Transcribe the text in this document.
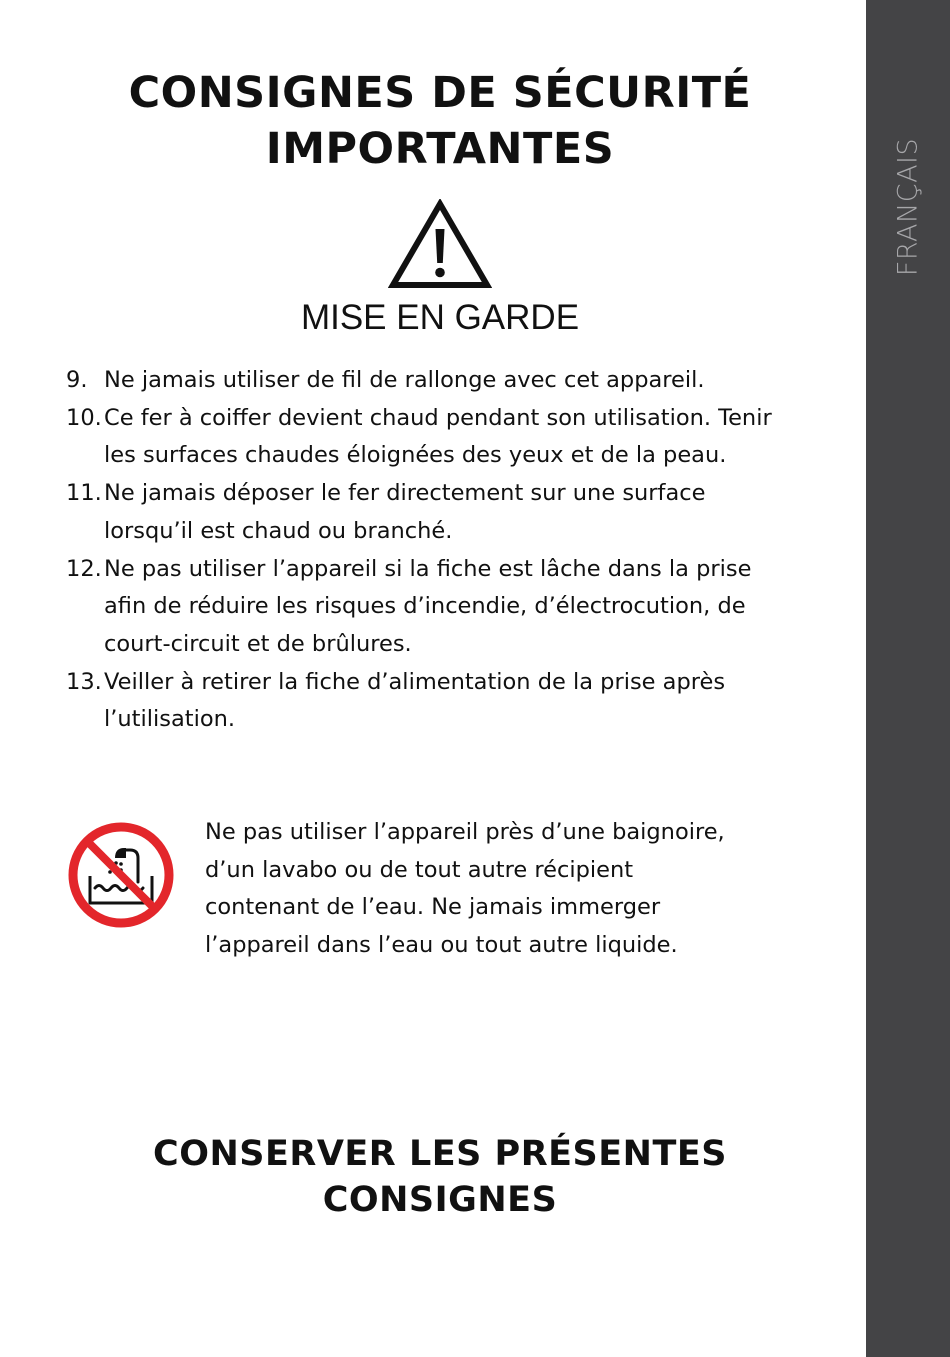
CONSIGNES DE SÉCURITÉ
IMPORTANTES

MISE EN GARDE

9. Ne jamais utiliser de fil de rallonge avec cet appareil.
10. Ce fer à coiffer devient chaud pendant son utilisation. Tenir les surfaces chaudes éloignées des yeux et de la peau.
11. Ne jamais déposer le fer directement sur une surface lorsqu’il est chaud ou branché.
12. Ne pas utiliser l’appareil si la fiche est lâche dans la prise afin de réduire les risques d’incendie, d’électrocution, de court-circuit et de brûlures.
13. Veiller à retirer la fiche d’alimentation de la prise après l’utilisation.

Ne pas utiliser l’appareil près d’une baignoire, d’un lavabo ou de tout autre récipient contenant de l’eau. Ne jamais immerger l’appareil dans l’eau ou tout autre liquide.

CONSERVER LES PRÉSENTES
CONSIGNES
FRANÇAIS
